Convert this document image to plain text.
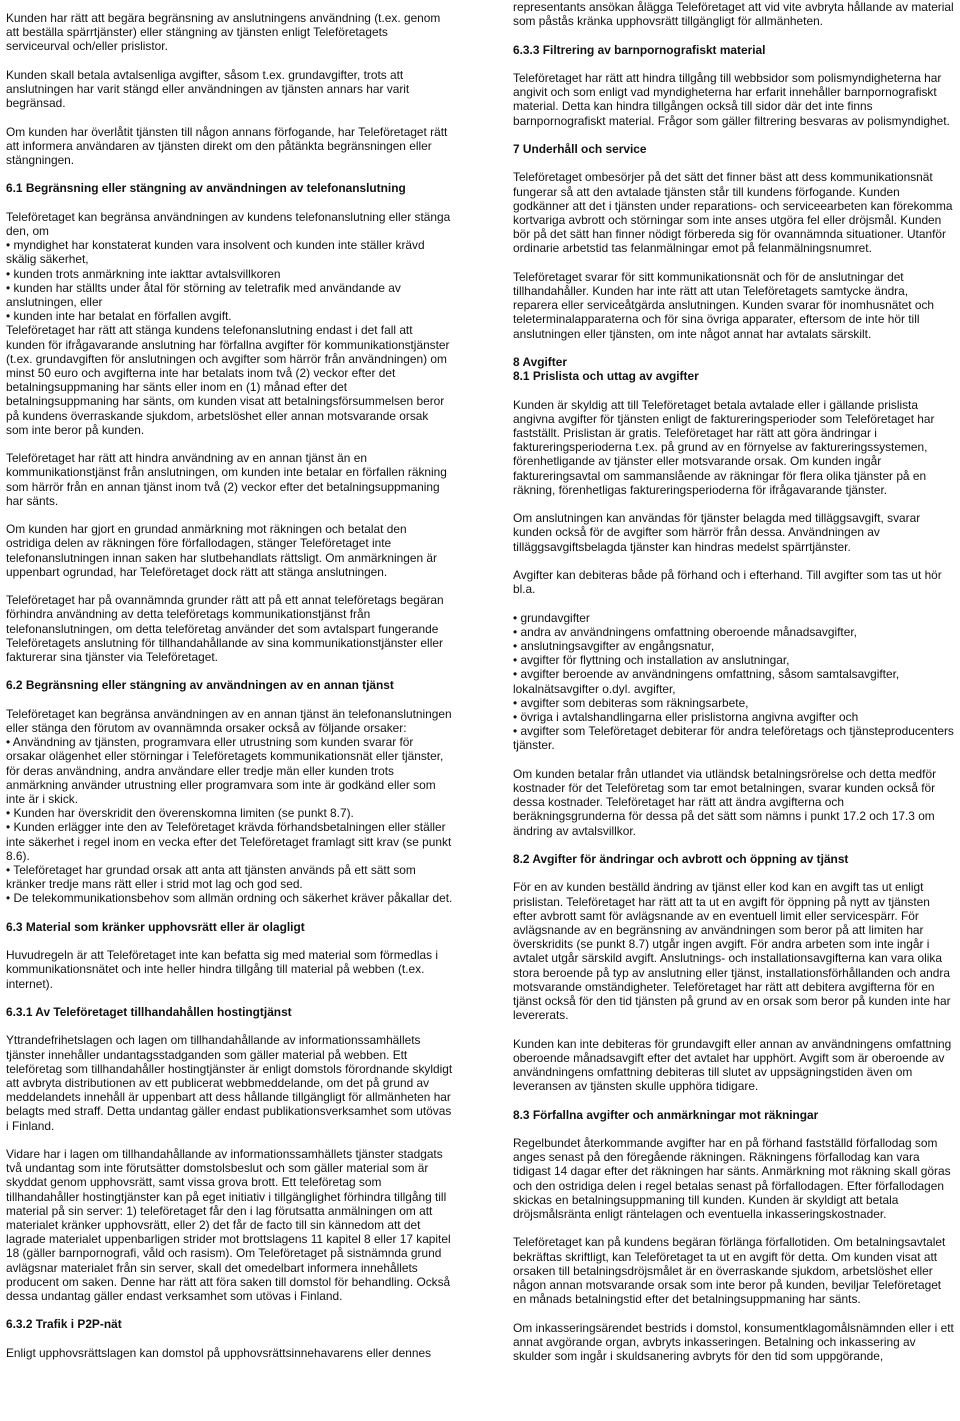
Kunden har rätt att begära begränsning av anslutningens användning (t.ex. genom att beställa spärrtjänster) eller stängning av tjänsten enligt Teleföretagets serviceurval och/eller prislistor.

Kunden skall betala avtalsenliga avgifter, såsom t.ex. grundavgifter, trots att anslutningen har varit stängd eller användningen av tjänsten annars har varit begränsad.

Om kunden har överlåtit tjänsten till någon annans förfogande, har Teleföretaget rätt att informera användaren av tjänsten direkt om den påtänkta begränsningen eller stängningen.

6.1 Begränsning eller stängning av användningen av telefonanslutning

Teleföretaget kan begränsa användningen av kundens telefonanslutning eller stänga den, om

• myndighet har konstaterat kunden vara insolvent och kunden inte ställer krävd skälig säkerhet,
• kunden trots anmärkning inte iakttar avtalsvillkoren
• kunden har ställts under åtal för störning av teletrafik med användande av anslutningen, eller
• kunden inte har betalat en förfallen avgift.

Teleföretaget har rätt att stänga kundens telefonanslutning endast i det fall att kunden för ifrågavarande anslutning har förfallna avgifter för kommunikationstjänster (t.ex. grundavgiften för anslutningen och avgifter som härrör från användningen) om minst 50 euro och avgifterna inte har betalats inom två (2) veckor efter det betalningsuppmaning har sänts eller inom en (1) månad efter det betalningsuppmaning har sänts, om kunden visat att betalningsförsummelsen beror på kundens överraskande sjukdom, arbetslöshet eller annan motsvarande orsak som inte beror på kunden.

Teleföretaget har rätt att hindra användning av en annan tjänst än en kommunikationstjänst från anslutningen, om kunden inte betalar en förfallen räkning som härrör från en annan tjänst inom två (2) veckor efter det betalningsuppmaning har sänts.

Om kunden har gjort en grundad anmärkning mot räkningen och betalat den ostridiga delen av räkningen före förfallodagen, stänger Teleföretaget inte telefonanslutningen innan saken har slutbehandlats rättsligt. Om anmärkningen är uppenbart ogrundad, har Teleföretaget dock rätt att stänga anslutningen.

Teleföretaget har på ovannämnda grunder rätt att på ett annat teleföretags begäran förhindra användning av detta teleföretags kommunikationstjänst från telefonanslutningen, om detta teleföretag använder det som avtalspart fungerande Teleföretagets anslutning för tillhandahållande av sina kommunikationstjänster eller fakturerar sina tjänster via Teleföretaget.

6.2 Begränsning eller stängning av användningen av en annan tjänst

Teleföretaget kan begränsa användningen av en annan tjänst än telefonanslutningen eller stänga den förutom av ovannämnda orsaker också av följande orsaker:

• Användning av tjänsten, programvara eller utrustning som kunden svarar för orsakar olägenhet eller störningar i Teleföretagets kommunikationsnät eller tjänster, för deras användning, andra användare eller tredje män eller kunden trots anmärkning använder utrustning eller programvara som inte är godkänd eller som inte är i skick.

• Kunden har överskridit den överenskomna limiten (se punkt 8.7).

• Kunden erlägger inte den av Teleföretaget krävda förhandsbetalningen eller ställer inte säkerhet i regel inom en vecka efter det Teleföretaget framlagt sitt krav (se punkt 8.6).

• Teleföretaget har grundad orsak att anta att tjänsten används på ett sätt som kränker tredje mans rätt eller i strid mot lag och god sed.

• De telekommunikationsbehov som allmän ordning och säkerhet kräver påkallar det.

6.3 Material som kränker upphovsrätt eller är olagligt

Huvudregeln är att Teleföretaget inte kan befatta sig med material som förmedlas i kommunikationsnätet och inte heller hindra tillgång till material på webben (t.ex. internet).

6.3.1 Av Teleföretaget tillhandahållen hostingtjänst

Yttrandefrihetslagen och lagen om tillhandahållande av informationssamhällets tjänster innehåller undantagsstadganden som gäller material på webben. Ett teleföretag som tillhandahåller hostingtjänster är enligt domstols förordnande skyldigt att avbryta distributionen av ett publicerat webbmeddelande, om det på grund av meddelandets innehåll är uppenbart att dess hållande tillgängligt för allmänheten har belagts med straff. Detta undantag gäller endast publikationsverksamhet som utövas i Finland.

Vidare har i lagen om tillhandahållande av informationssamhällets tjänster stadgats två undantag som inte förutsätter domstolsbeslut och som gäller material som är skyddat genom upphovsrätt, samt vissa grova brott. Ett teleföretag som tillhandahåller hostingtjänster kan på eget initiativ i tillgänglighet förhindra tillgång till material på sin server: 1) teleföretaget får den i lag förutsatta anmälningen om att materialet kränker upphovsrätt, eller 2) det får de facto till sin kännedom att det lagrade materialet uppenbarligen strider mot brottslagens 11 kapitel 8 eller 17 kapitel 18 (gäller barnpornografi, våld och rasism). Om Teleföretaget på sistnämnda grund avlägsnar materialet från sin server, skall det omedelbart informera innehållets producent om saken. Denne har rätt att föra saken till domstol för behandling. Också dessa undantag gäller endast verksamhet som utövas i Finland.

6.3.2 Trafik i P2P-nät

Enligt upphovsrättslagen kan domstol på upphovsrättsinnehavarens eller dennes

representants ansökan ålägga Teleföretaget att vid vite avbryta hållande av material som påstås kränka upphovsrätt tillgängligt för allmänheten.

6.3.3 Filtrering av barnpornografiskt material

Teleföretaget har rätt att hindra tillgång till webbsidor som polismyndigheterna har angivit och som enligt vad myndigheterna har erfarit innehåller barnpornografiskt material. Detta kan hindra tillgången också till sidor där det inte finns barnpornografiskt material. Frågor som gäller filtrering besvaras av polismyndighet.

7 Underhåll och service

Teleföretaget ombesörjer på det sätt det finner bäst att dess kommunikationsnät fungerar så att den avtalade tjänsten står till kundens förfogande. Kunden godkänner att det i tjänsten under reparations- och serviceearbeten kan förekomma kortvariga avbrott och störningar som inte anses utgöra fel eller dröjsmål. Kunden bör på det sätt han finner nödigt förbereda sig för ovannämnda situationer. Utanför ordinarie arbetstid tas felanmälningar emot på felanmälningsnumret.

Teleföretaget svarar för sitt kommunikationsnät och för de anslutningar det tillhandahåller. Kunden har inte rätt att utan Teleföretagets samtycke ändra, reparera eller serviceåtgärda anslutningen. Kunden svarar för inomhusnätet och teleterminalapparaterna och för sina övriga apparater, eftersom de inte hör till anslutningen eller tjänsten, om inte något annat har avtalats särskilt.

8 Avgifter

8.1 Prislista och uttag av avgifter

Kunden är skyldig att till Teleföretaget betala avtalade eller i gällande prislista angivna avgifter för tjänsten enligt de faktureringsperioder som Teleföretaget har fastställt. Prislistan är gratis. Teleföretaget har rätt att göra ändringar i faktureringsperioderna t.ex. på grund av en förnyelse av faktureringssystemen, förenhetligande av tjänster eller motsvarande orsak. Om kunden ingår faktureringsavtal om sammanslående av räkningar för flera olika tjänster på en räkning, förenhetligas faktureringsperioderna för ifrågavarande tjänster.

Om anslutningen kan användas för tjänster belagda med tilläggsavgift, svarar kunden också för de avgifter som härrör från dessa. Användningen av tilläggsavgiftsbelagda tjänster kan hindras medelst spärrtjänster.

Avgifter kan debiteras både på förhand och i efterhand. Till avgifter som tas ut hör bl.a.

• grundavgifter
• andra av användningens omfattning oberoende månadsavgifter,
• anslutningsavgifter av engångsnatur,
• avgifter för flyttning och installation av anslutningar,
• avgifter beroende av användningens omfattning, såsom samtalsavgifter, lokalnätsavgifter o.dyl. avgifter,
• avgifter som debiteras som räkningsarbete,
• övriga i avtalshandlingarna eller prislistorna angivna avgifter och
• avgifter som Teleföretaget debiterar för andra teleföretags och tjänsteproducenters tjänster.

Om kunden betalar från utlandet via utländsk betalningsrörelse och detta medför kostnader för det Teleföretag som tar emot betalningen, svarar kunden också för dessa kostnader. Teleföretaget har rätt att ändra avgifterna och beräkningsgrunderna för dessa på det sätt som nämns i punkt 17.2 och 17.3 om ändring av avtalsvillkor.

8.2 Avgifter för ändringar och avbrott och öppning av tjänst

För en av kunden beställd ändring av tjänst eller kod kan en avgift tas ut enligt prislistan. Teleföretaget har rätt att ta ut en avgift för öppning på nytt av tjänsten efter avbrott samt för avlägsnande av en eventuell limit eller servicespärr. För avlägsnande av en begränsning av användningen som beror på att limiten har överskridits (se punkt 8.7) utgår ingen avgift. För andra arbeten som inte ingår i avtalet utgår särskild avgift. Anslutnings- och installationsavgifterna kan vara olika stora beroende på typ av anslutning eller tjänst, installationsförhållanden och andra motsvarande omständigheter. Teleföretaget har rätt att debitera avgifterna för en tjänst också för den tid tjänsten på grund av en orsak som beror på kunden inte har levererats.

Kunden kan inte debiteras för grundavgift eller annan av användningens omfattning oberoende månadsavgift efter det avtalet har upphört. Avgift som är oberoende av användningens omfattning debiteras till slutet av uppsägningstiden även om leveransen av tjänsten skulle upphöra tidigare.

8.3 Förfallna avgifter och anmärkningar mot räkningar

Regelbundet återkommande avgifter har en på förhand fastställd förfallodag som anges senast på den föregående räkningen. Räkningens förfallodag kan vara tidigast 14 dagar efter det räkningen har sänts. Anmärkning mot räkning skall göras och den ostridiga delen i regel betalas senast på förfallodagen. Efter förfallodagen skickas en betalningsuppmaning till kunden. Kunden är skyldigt att betala dröjsmålsränta enligt räntelagen och eventuella inkasseringskostnader.

Teleföretaget kan på kundens begäran förlänga förfallotiden. Om betalningsavtalet bekräftas skriftligt, kan Teleföretaget ta ut en avgift för detta. Om kunden visat att orsaken till betalningsdröjsmålet är en överraskande sjukdom, arbetslöshet eller någon annan motsvarande orsak som inte beror på kunden, beviljar Teleföretaget en månads betalningstid efter det betalningsuppmaning har sänts.

Om inkasseringsärendet bestrids i domstol, konsumentklagomålsnämnden eller i ett annat avgörande organ, avbryts inkasseringen. Betalning och inkassering av skulder som ingår i skuldsanering avbryts för den tid som uppgörande,
